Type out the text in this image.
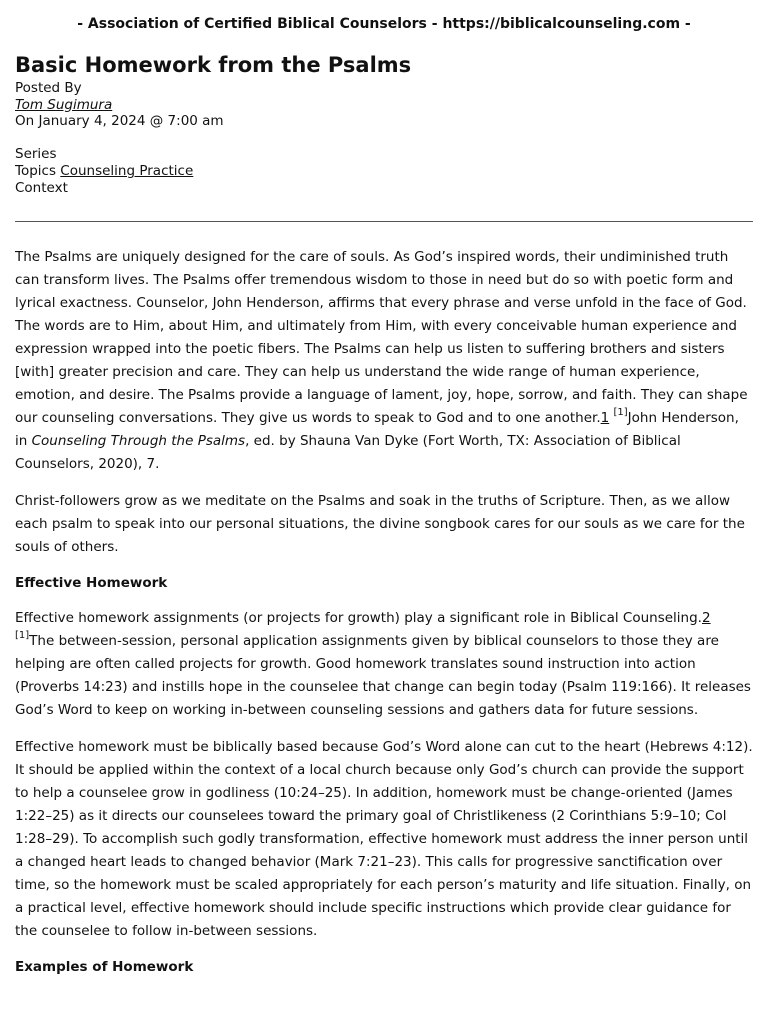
- Association of Certified Biblical Counselors - https://biblicalcounseling.com -
Basic Homework from the Psalms
Posted By
Tom Sugimura
On January 4, 2024 @ 7:00 am
Series
Topics Counseling Practice
Context

The Psalms are uniquely designed for the care of souls. As God’s inspired words, their undiminished truth can transform lives. The Psalms offer tremendous wisdom to those in need but do so with poetic form and lyrical exactness. Counselor, John Henderson, affirms that every phrase and verse unfold in the face of God. The words are to Him, about Him, and ultimately from Him, with every conceivable human experience and expression wrapped into the poetic fibers. The Psalms can help us listen to suffering brothers and sisters [with] greater precision and care. They can help us understand the wide range of human experience, emotion, and desire. The Psalms provide a language of lament, joy, hope, sorrow, and faith. They can shape our counseling conversations. They give us words to speak to God and to one another.1 [1]John Henderson, in Counseling Through the Psalms, ed. by Shauna Van Dyke (Fort Worth, TX: Association of Biblical Counselors, 2020), 7.

Christ-followers grow as we meditate on the Psalms and soak in the truths of Scripture. Then, as we allow each psalm to speak into our personal situations, the divine songbook cares for our souls as we care for the souls of others.

Effective Homework

Effective homework assignments (or projects for growth) play a significant role in Biblical Counseling.2 [1]The between-session, personal application assignments given by biblical counselors to those they are helping are often called projects for growth. Good homework translates sound instruction into action (Proverbs 14:23) and instills hope in the counselee that change can begin today (Psalm 119:166). It releases God’s Word to keep on working in-between counseling sessions and gathers data for future sessions.

Effective homework must be biblically based because God’s Word alone can cut to the heart (Hebrews 4:12). It should be applied within the context of a local church because only God’s church can provide the support to help a counselee grow in godliness (10:24–25). In addition, homework must be change-oriented (James 1:22–25) as it directs our counselees toward the primary goal of Christlikeness (2 Corinthians 5:9–10; Col 1:28–29). To accomplish such godly transformation, effective homework must address the inner person until a changed heart leads to changed behavior (Mark 7:21–23). This calls for progressive sanctification over time, so the homework must be scaled appropriately for each person’s maturity and life situation. Finally, on a practical level, effective homework should include specific instructions which provide clear guidance for the counselee to follow in-between sessions.

Examples of Homework
